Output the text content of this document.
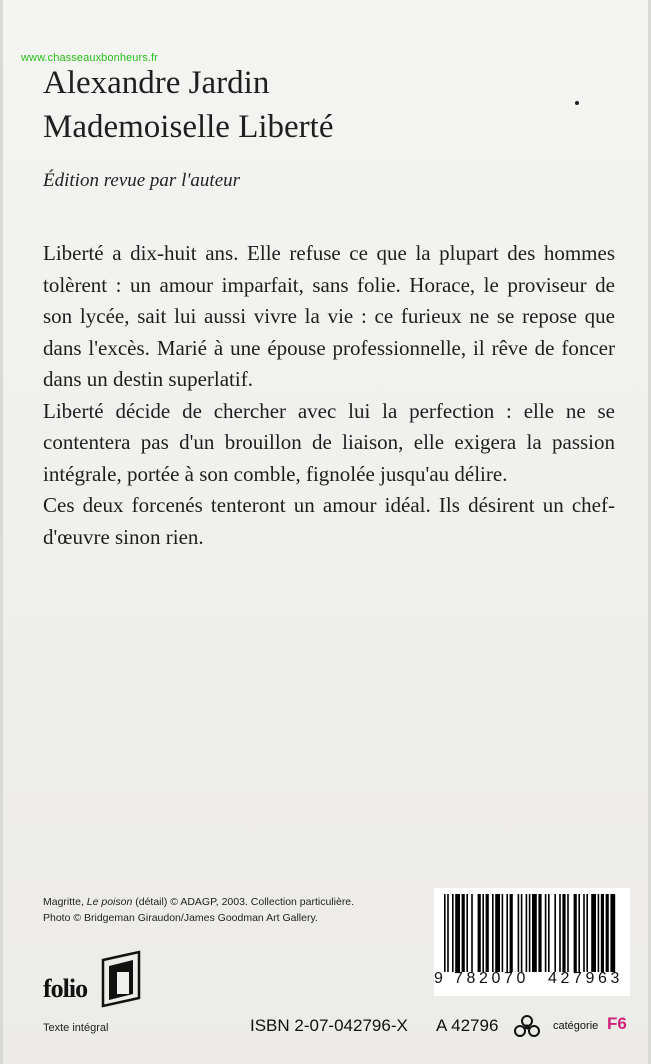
www.chasseauxbonheurs.fr
Alexandre Jardin
Mademoiselle Liberté

Édition revue par l'auteur

Liberté a dix-huit ans. Elle refuse ce que la plupart des hommes tolèrent : un amour imparfait, sans folie. Horace, le proviseur de son lycée, sait lui aussi vivre la vie : ce furieux ne se repose que dans l'excès. Marié à une épouse professionnelle, il rêve de foncer dans un destin superlatif.

Liberté décide de chercher avec lui la perfection : elle ne se contentera pas d'un brouillon de liaison, elle exigera la passion intégrale, portée à son comble, fignolée jusqu'au délire.

Ces deux forcenés tenteront un amour idéal. Ils désirent un chef-d'œuvre sinon rien.

Magritte, Le poison (détail) © ADAGP, 2003. Collection particulière.
Photo © Bridgeman Giraudon/James Goodman Art Gallery.
9 782070 427963
folio
Texte intégral	ISBN 2-07-042796-X A 42796	catégorie F6
